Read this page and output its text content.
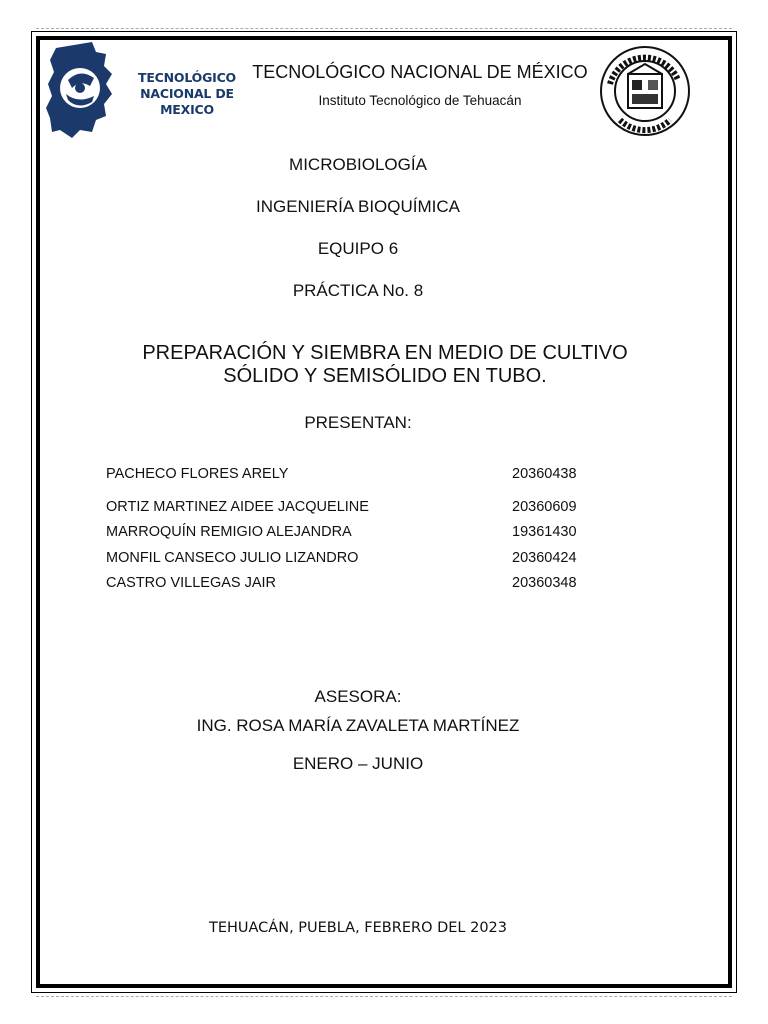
TECNOLÓGICO
NACIONAL DE MEXICO
TECNOLÓGICO NACIONAL DE MÉXICO
Instituto Tecnológico de Tehuacán
MICROBIOLOGÍA
INGENIERÍA BIOQUÍMICA
EQUIPO 6
PRÁCTICA No. 8
PREPARACIÓN Y SIEMBRA EN MEDIO DE CULTIVO
SÓLIDO Y SEMISÓLIDO EN TUBO.
PRESENTAN:
PACHECO FLORES ARELY	20360438
ORTIZ MARTINEZ AIDEE JACQUELINE	20360609
MARROQUÍN REMIGIO ALEJANDRA	19361430
MONFIL CANSECO JULIO LIZANDRO	20360424
CASTRO VILLEGAS JAIR	20360348
ASESORA:
ING. ROSA MARÍA ZAVALETA MARTÍNEZ
ENERO – JUNIO
TEHUACÁN, PUEBLA, FEBRERO DEL 2023
